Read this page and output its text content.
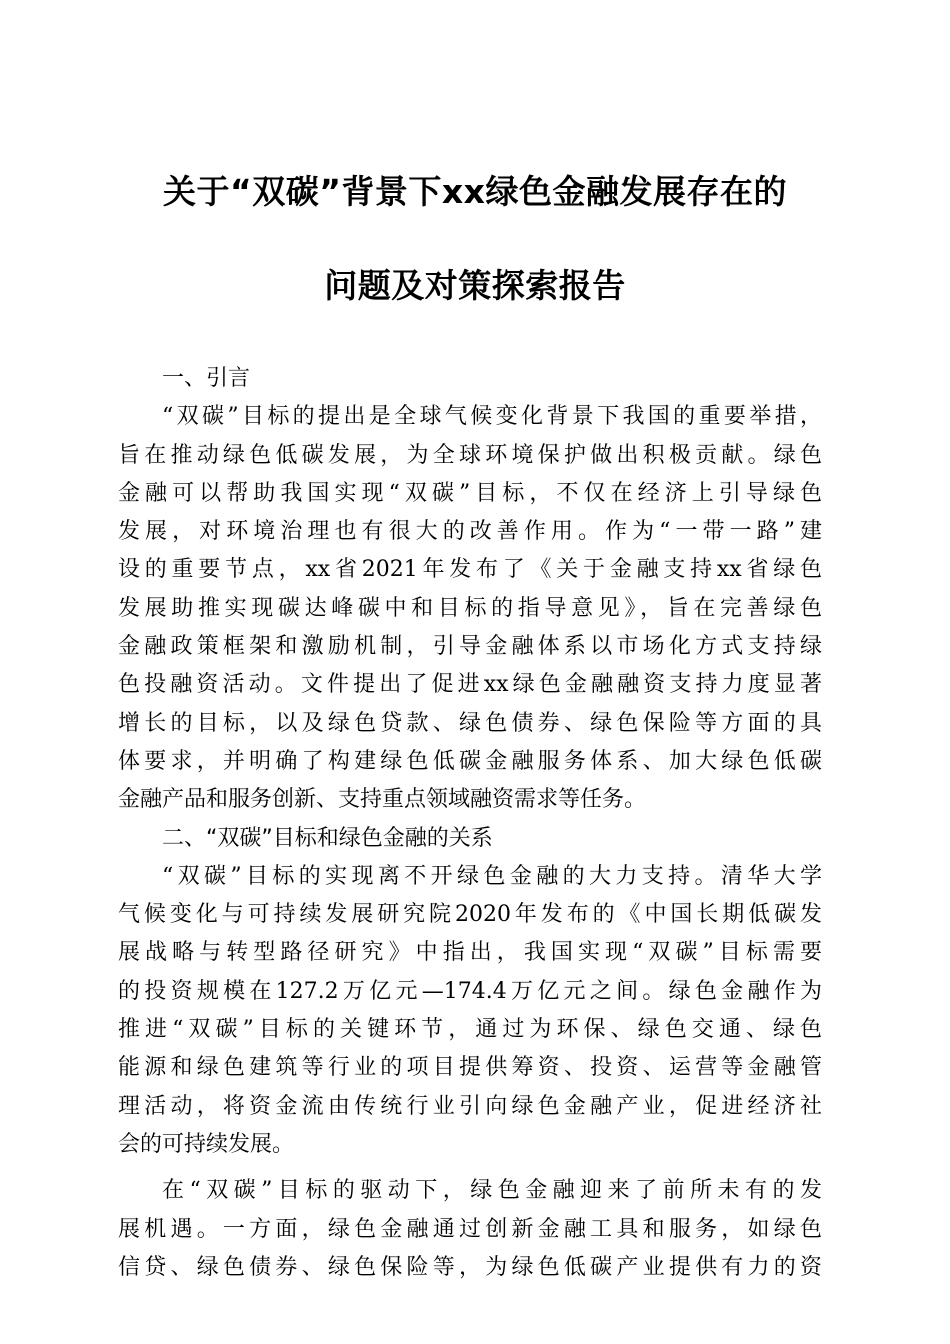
关于“双碳”背景下xx绿色金融发展存在的
问题及对策探索报告
一、引言
“双碳”目标的提出是全球气候变化背景下我国的重要举措，
旨在推动绿色低碳发展，为全球环境保护做出积极贡献。绿色
金融可以帮助我国实现“双碳”目标，不仅在经济上引导绿色
发展，对环境治理也有很大的改善作用。作为“一带一路”建
设的重要节点，xx省2021年发布了《关于金融支持xx省绿色
发展助推实现碳达峰碳中和目标的指导意见》，旨在完善绿色
金融政策框架和激励机制，引导金融体系以市场化方式支持绿
色投融资活动。文件提出了促进xx绿色金融融资支持力度显著
增长的目标，以及绿色贷款、绿色债券、绿色保险等方面的具
体要求，并明确了构建绿色低碳金融服务体系、加大绿色低碳
金融产品和服务创新、支持重点领域融资需求等任务。
二、“双碳”目标和绿色金融的关系
“双碳”目标的实现离不开绿色金融的大力支持。清华大学
气候变化与可持续发展研究院2020年发布的《中国长期低碳发
展战略与转型路径研究》中指出，我国实现“双碳”目标需要
的投资规模在127.2万亿元—174.4万亿元之间。绿色金融作为
推进“双碳”目标的关键环节，通过为环保、绿色交通、绿色
能源和绿色建筑等行业的项目提供筹资、投资、运营等金融管
理活动，将资金流由传统行业引向绿色金融产业，促进经济社
会的可持续发展。
在“双碳”目标的驱动下，绿色金融迎来了前所未有的发
展机遇。一方面，绿色金融通过创新金融工具和服务，如绿色
信贷、绿色债券、绿色保险等，为绿色低碳产业提供有力的资
